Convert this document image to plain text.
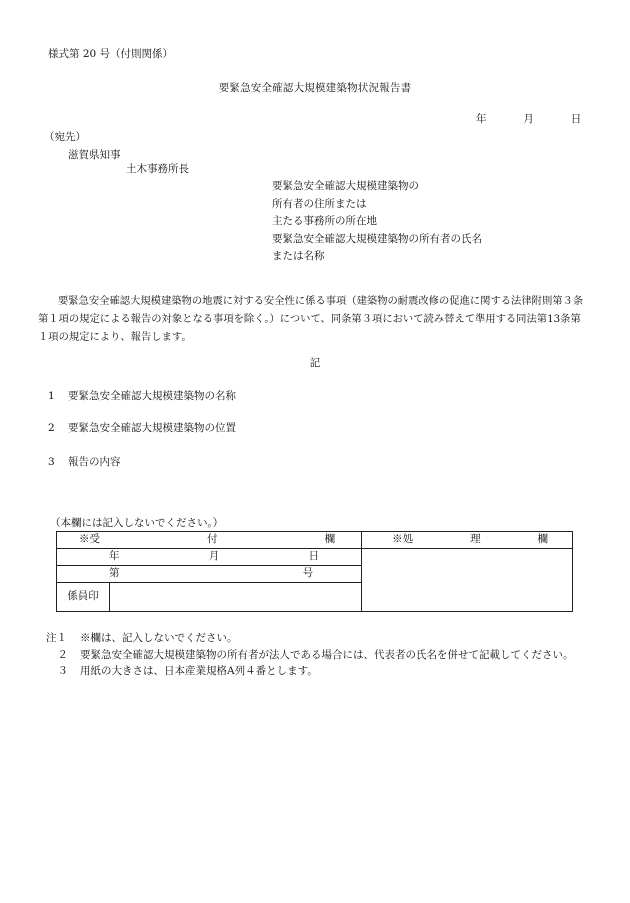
様式第 20 号（付則関係）
要緊急安全確認大規模建築物状況報告書
年	月	日
（宛先）
滋賀県知事
土木事務所長
要緊急安全確認大規模建築物の
所有者の住所または
主たる事務所の所在地
要緊急安全確認大規模建築物の所有者の氏名
または名称
要緊急安全確認大規模建築物の地震に対する安全性に係る事項（建築物の耐震改修の促進に関する法律附則第３条第１項の規定による報告の対象となる事項を除く。）について、同条第３項において読み替えて準用する同法第13条第１項の規定により、報告します。
記
1 要緊急安全確認大規模建築物の名称
2 要緊急安全確認大規模建築物の位置
3 報告の内容
（本欄には記入しないでください。）
※受 付 欄		※処 理 欄

年 月 日		

第 号		

係員印		
注１ ※欄は、記入しないでください。
２ 要緊急安全確認大規模建築物の所有者が法人である場合には、代表者の氏名を併せて記載してください。
３ 用紙の大きさは、日本産業規格A列４番とします。
